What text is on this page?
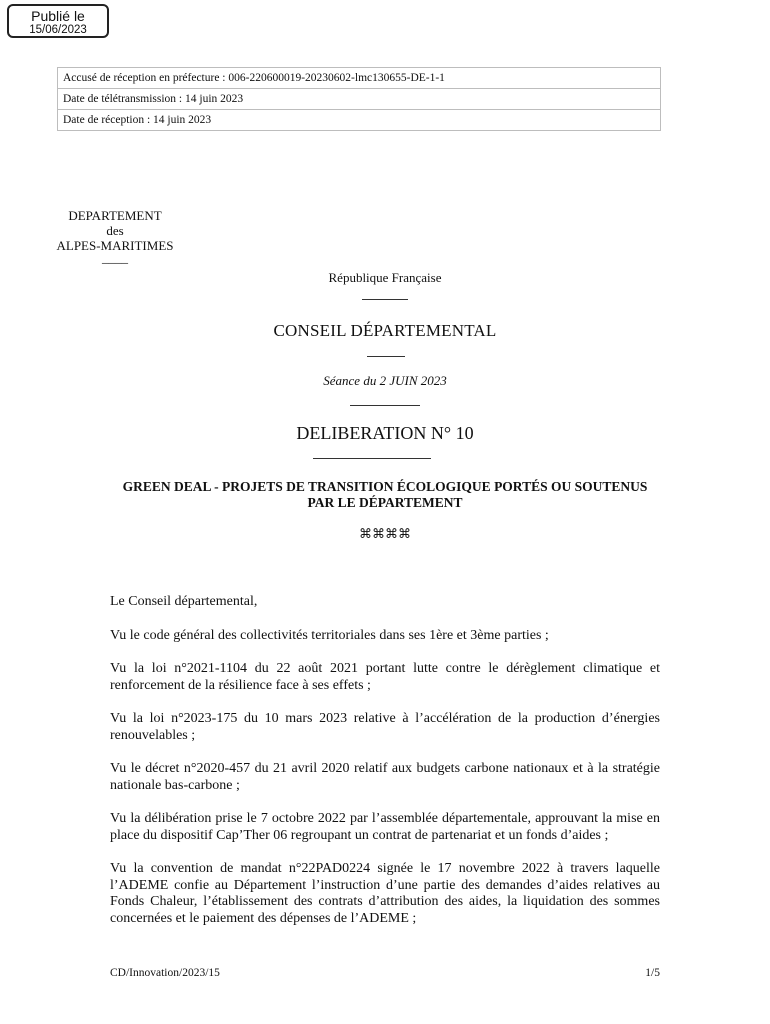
Publié le
15/06/2023
Accusé de réception en préfecture : 006-220600019-20230602-lmc130655-DE-1-1
Date de télétransmission : 14 juin 2023
Date de réception : 14 juin 2023
DEPARTEMENT
des
ALPES-MARITIMES
____
République Française
CONSEIL DÉPARTEMENTAL
Séance du 2 JUIN 2023
DELIBERATION N° 10
GREEN DEAL - PROJETS DE TRANSITION ÉCOLOGIQUE PORTÉS OU SOUTENUS PAR LE DÉPARTEMENT
⌘⌘⌘⌘

Le Conseil départemental,

Vu le code général des collectivités territoriales dans ses 1ère et 3ème parties ;

Vu la loi n°2021-1104 du 22 août 2021 portant lutte contre le dérèglement climatique et renforcement de la résilience face à ses effets ;

Vu la loi n°2023-175 du 10 mars 2023 relative à l’accélération de la production d’énergies renouvelables ;

Vu le décret n°2020-457 du 21 avril 2020 relatif aux budgets carbone nationaux et à la stratégie nationale bas-carbone ;

Vu la délibération prise le 7 octobre 2022 par l’assemblée départementale, approuvant la mise en place du dispositif Cap’Ther 06 regroupant un contrat de partenariat et un fonds d’aides ;

Vu la convention de mandat n°22PAD0224 signée le 17 novembre 2022 à travers laquelle l’ADEME confie au Département l’instruction d’une partie des demandes d’aides relatives au Fonds Chaleur, l’établissement des contrats d’attribution des aides, la liquidation des sommes concernées et le paiement des dépenses de l’ADEME ;

CD/Innovation/2023/15	1/5
